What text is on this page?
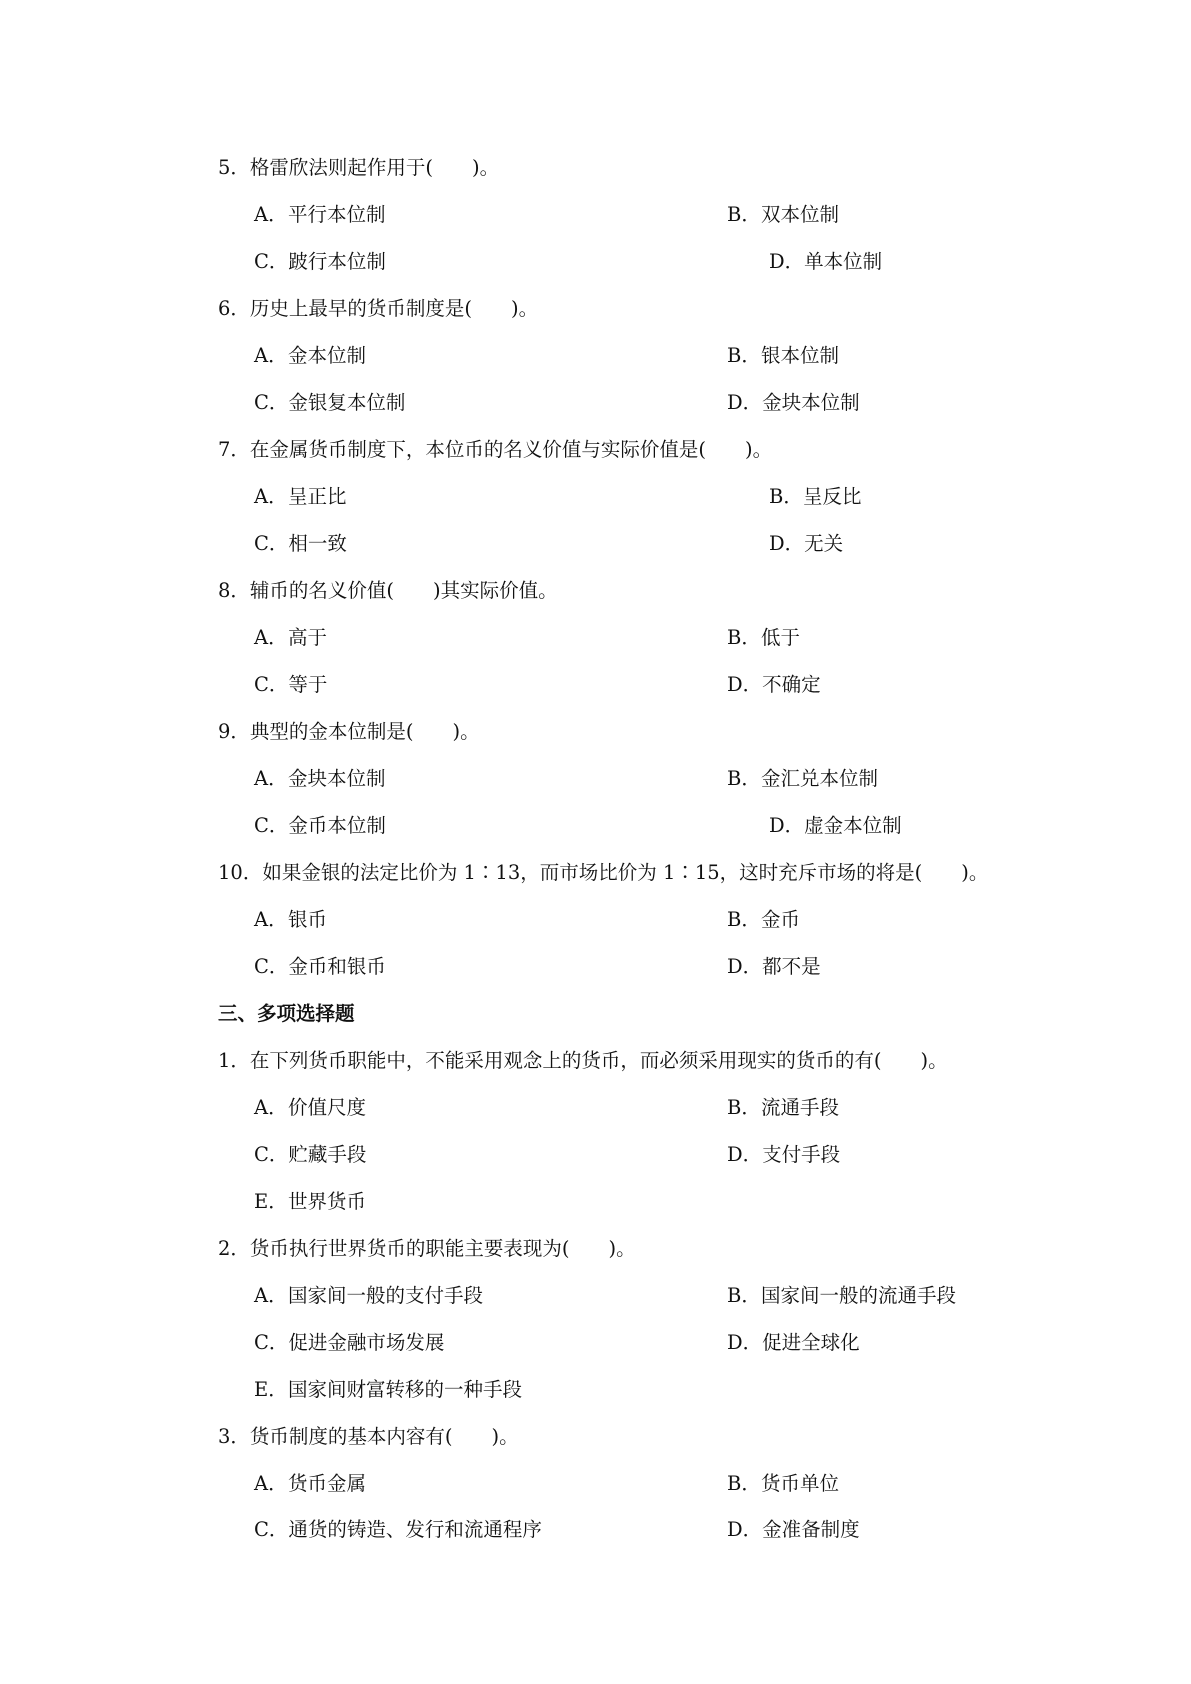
5．格雷欣法则起作用于(　　)。
A．平行本位制	B．双本位制
C．跛行本位制	D．单本位制
6．历史上最早的货币制度是(　　)。
A．金本位制	B．银本位制
C．金银复本位制	D．金块本位制
7．在金属货币制度下，本位币的名义价值与实际价值是(　　)。
A．呈正比	B．呈反比
C．相一致	D．无关
8．辅币的名义价值(　　)其实际价值。
A．高于	B．低于
C．等于	D．不确定
9．典型的金本位制是(　　)。
A．金块本位制	B．金汇兑本位制
C．金币本位制	D．虚金本位制
10．如果金银的法定比价为 1∶13，而市场比价为 1∶15，这时充斥市场的将是(　　)。
A．银币	B．金币
C．金币和银币	D．都不是
三、多项选择题
1．在下列货币职能中，不能采用观念上的货币，而必须采用现实的货币的有(　　)。
A．价值尺度	B．流通手段
C．贮藏手段	D．支付手段
E．世界货币
2．货币执行世界货币的职能主要表现为(　　)。
A．国家间一般的支付手段	B．国家间一般的流通手段
C．促进金融市场发展	D．促进全球化
E．国家间财富转移的一种手段
3．货币制度的基本内容有(　　)。
A．货币金属	B．货币单位
C．通货的铸造、发行和流通程序	D．金准备制度
